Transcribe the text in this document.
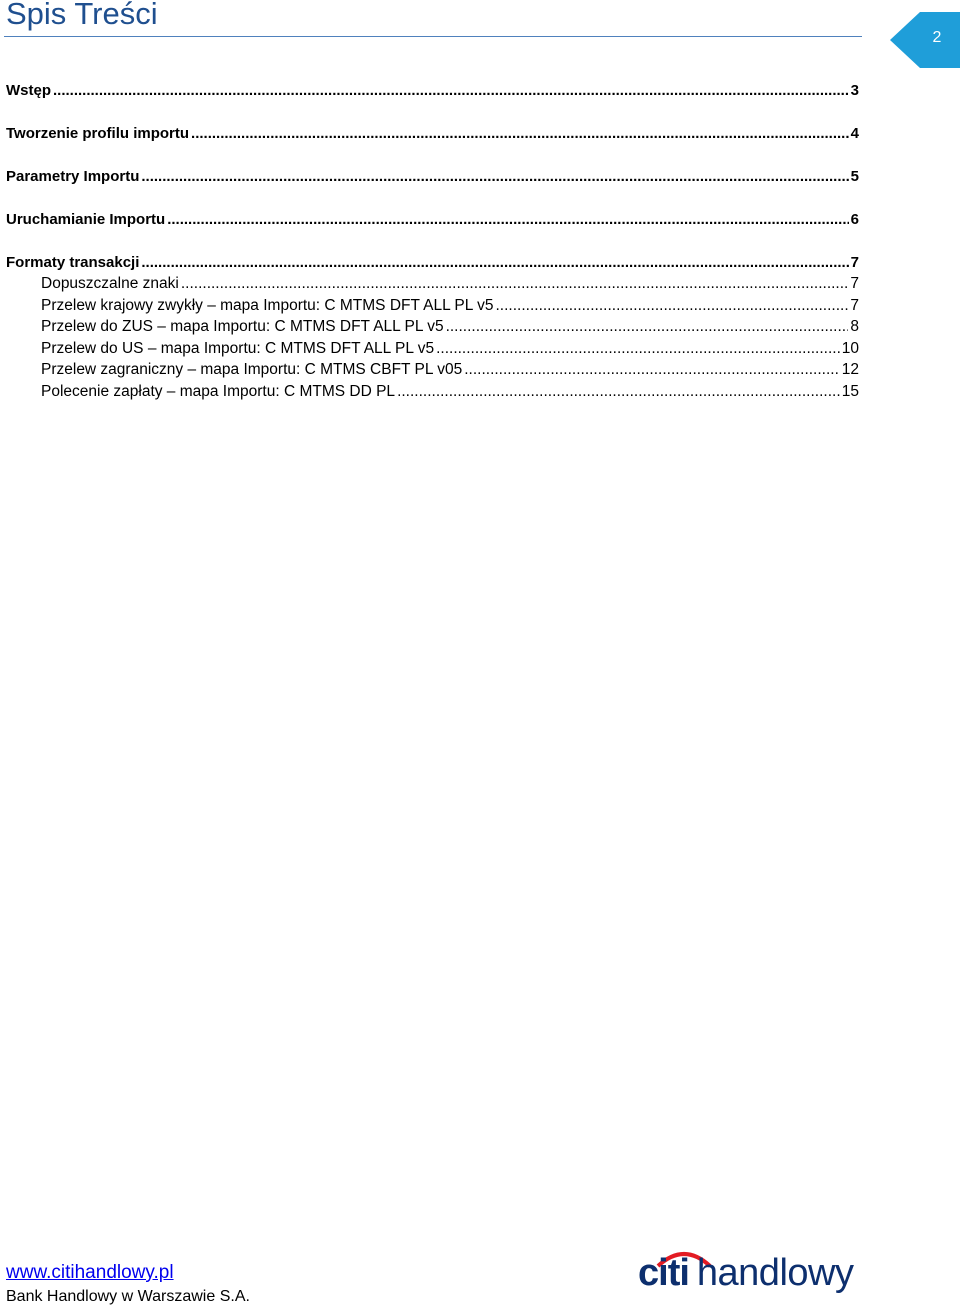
Spis Treści
2
Wstęp .....	3
Tworzenie profilu importu .....	4
Parametry Importu .....	5
Uruchamianie Importu .....	6
Formaty transakcji .....	7
Dopuszczalne znaki .....	7
Przelew krajowy zwykły – mapa Importu: C MTMS DFT ALL PL v5 .....	7
Przelew do ZUS – mapa Importu: C MTMS DFT ALL PL v5 .....	8
Przelew do US – mapa Importu: C MTMS DFT ALL PL v5 .....	10
Przelew zagraniczny – mapa Importu: C MTMS CBFT PL v05 .....	12
Polecenie zapłaty – mapa Importu: C MTMS DD PL .....	15
www.citihandlowy.pl
Bank Handlowy w Warszawie S.A.
citi handlowy
